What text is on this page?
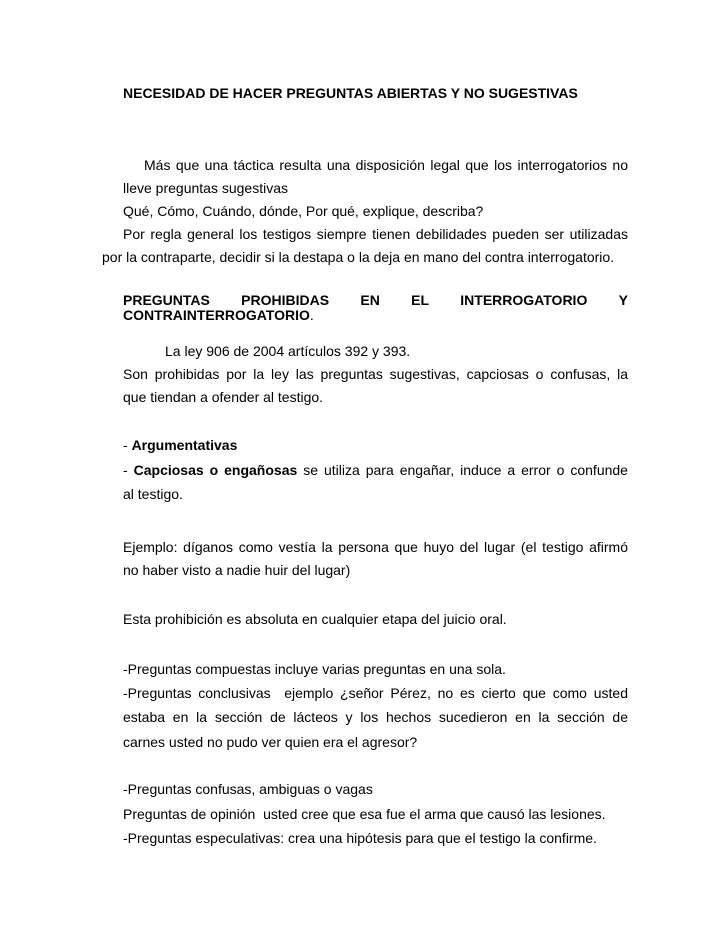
NECESIDAD DE HACER PREGUNTAS ABIERTAS Y NO SUGESTIVAS
Más que una táctica resulta una disposición legal que los interrogatorios no
lleve preguntas sugestivas
Qué, Cómo, Cuándo, dónde, Por qué, explique, describa?
Por regla general los testigos siempre tienen debilidades pueden ser utilizadas
por la contraparte, decidir si la destapa o la deja en mano del contra interrogatorio.
PREGUNTAS PROHIBIDAS EN EL INTERROGATORIO Y
CONTRAINTERROGATORIO.
La ley 906 de 2004 artículos 392 y 393.
Son prohibidas por la ley las preguntas sugestivas, capciosas o confusas, la
que tiendan a ofender al testigo.
- Argumentativas
- Capciosas o engañosas se utiliza para engañar, induce a error o confunde
al testigo.
Ejemplo: díganos como vestía la persona que huyo del lugar (el testigo afirmó
no haber visto a nadie huir del lugar)
Esta prohibición es absoluta en cualquier etapa del juicio oral.
-Preguntas compuestas incluye varias preguntas en una sola.
-Preguntas conclusivas  ejemplo ¿señor Pérez, no es cierto que como usted
estaba en la sección de lácteos y los hechos sucedieron en la sección de
carnes usted no pudo ver quien era el agresor?
-Preguntas confusas, ambiguas o vagas
Preguntas de opinión  usted cree que esa fue el arma que causó las lesiones.
-Preguntas especulativas: crea una hipótesis para que el testigo la confirme.
